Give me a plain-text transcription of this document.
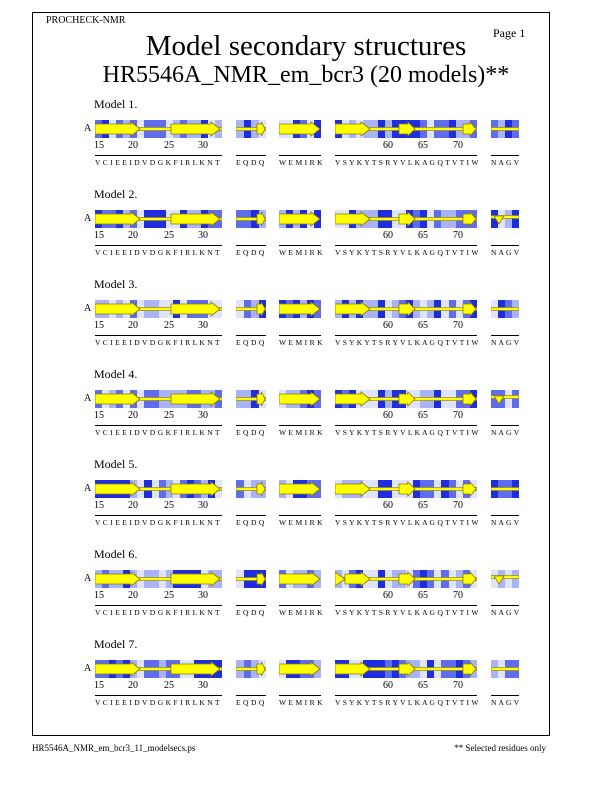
PROCHECK-NMR
Page 1
Model secondary structures
HR5546A_NMR_em_bcr3 (20 models)**
Model 1.
A
V C I E E I D V D G K F I R L K N T E Q D Q W E M I R K V S Y K Y T S R Y V L K A G Q T V T I W N A G V
15 20	25 30	60	65	70
Model 2.
A
V C I E E I D V D G K F I R L K N T E Q D Q W E M I R K V S Y K Y T S R Y V L K A G Q T V T I W N A G V
15 20	25 30	60	65	70
Model 3.
A
V C I E E I D V D G K F I R L K N T E Q D Q W E M I R K V S Y K Y T S R Y V L K A G Q T V T I W N A G V
15 20	25 30	60	65	70
Model 4.
A
V C I E E I D V D G K F I R L K N T E Q D Q W E M I R K V S Y K Y T S R Y V L K A G Q T V T I W N A G V
15 20	25 30	60	65	70
Model 5.
A
V C I E E I D V D G K F I R L K N T E Q D Q W E M I R K V S Y K Y T S R Y V L K A G Q T V T I W N A G V
15 20	25 30	60	65	70
Model 6.
A
V C I E E I D V D G K F I R L K N T E Q D Q W E M I R K V S Y K Y T S R Y V L K A G Q T V T I W N A G V
15 20	25 30	60	65	70
Model 7.
A
V C I E E I D V D G K F I R L K N T E Q D Q W E M I R K V S Y K Y T S R Y V L K A G Q T V T I W N A G V
15 20	25 30	60	65	70
HR5546A_NMR_em_bcr3_11_modelsecs.ps	** Selected residues only
